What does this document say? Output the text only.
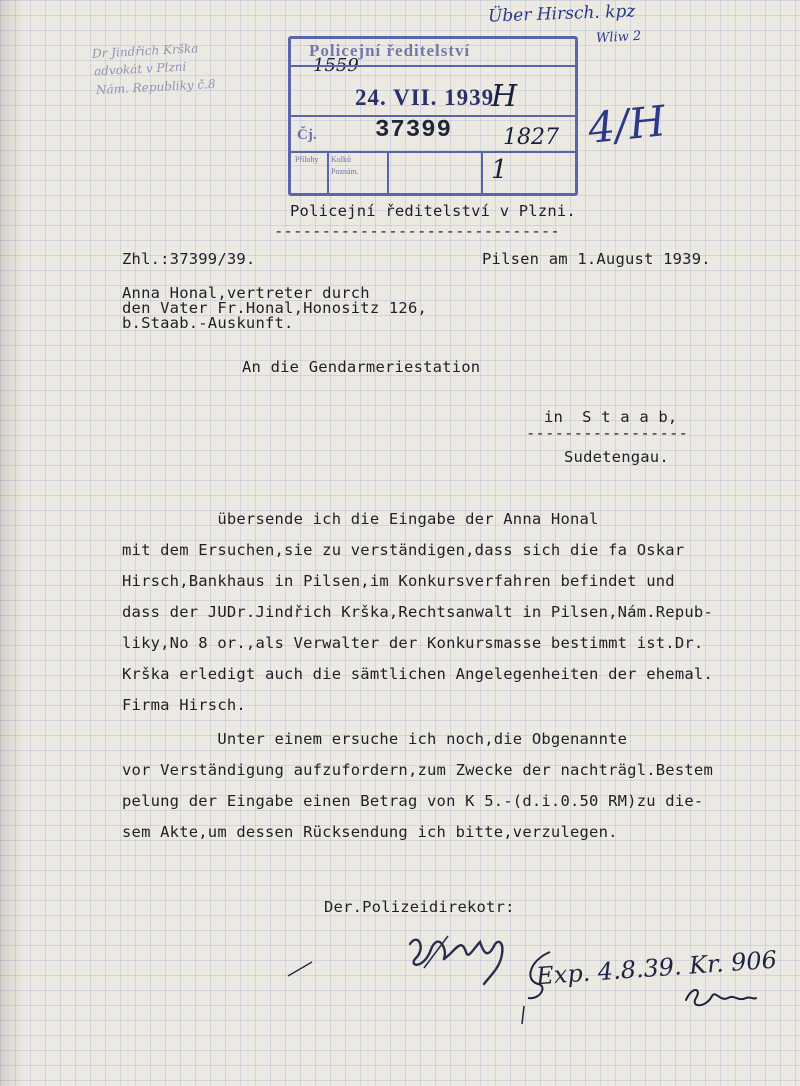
Über Hirsch. kpz
Wliw 2
Dr Jindřich Krška
advokát v Plzni
Nám. Republiky č.8
Policejní ředitelství
1559
24. VII. 1939
H
Čj. 37399 1827
Přílohy Kolků
Poznám.	1
4/H
Policejní ředitelství v Plzni.
------------------------------
Zhl.:37399/39.	Pilsen am 1.August 1939.
Anna Honal,vertreter durch
den Vater Fr.Honal,Honositz 126,
b.Staab.-Auskunft.
An die Gendarmeriestation
in  S t a a b,
-----------------
Sudetengau.
übersende ich die Eingabe der Anna Honal
mit dem Ersuchen,sie zu verständigen,dass sich die fa Oskar
Hirsch,Bankhaus in Pilsen,im Konkursverfahren befindet und
dass der JUDr.Jindřich Krška,Rechtsanwalt in Pilsen,Nám.Repub-
liky,No 8 or.,als Verwalter der Konkursmasse bestimmt ist.Dr.
Krška erledigt auch die sämtlichen Angelegenheiten der ehemal.
Firma Hirsch.
Unter einem ersuche ich noch,die Obgenannte
vor Verständigung aufzufordern,zum Zwecke der nachträgl.Bestem
pelung der Eingabe einen Betrag von K 5.-(d.i.0.50 RM)zu die-
sem Akte,um dessen Rücksendung ich bitte,verzulegen.
Der.Polizeidirekotr:
Exp. 4.8.39. Kr. 906
